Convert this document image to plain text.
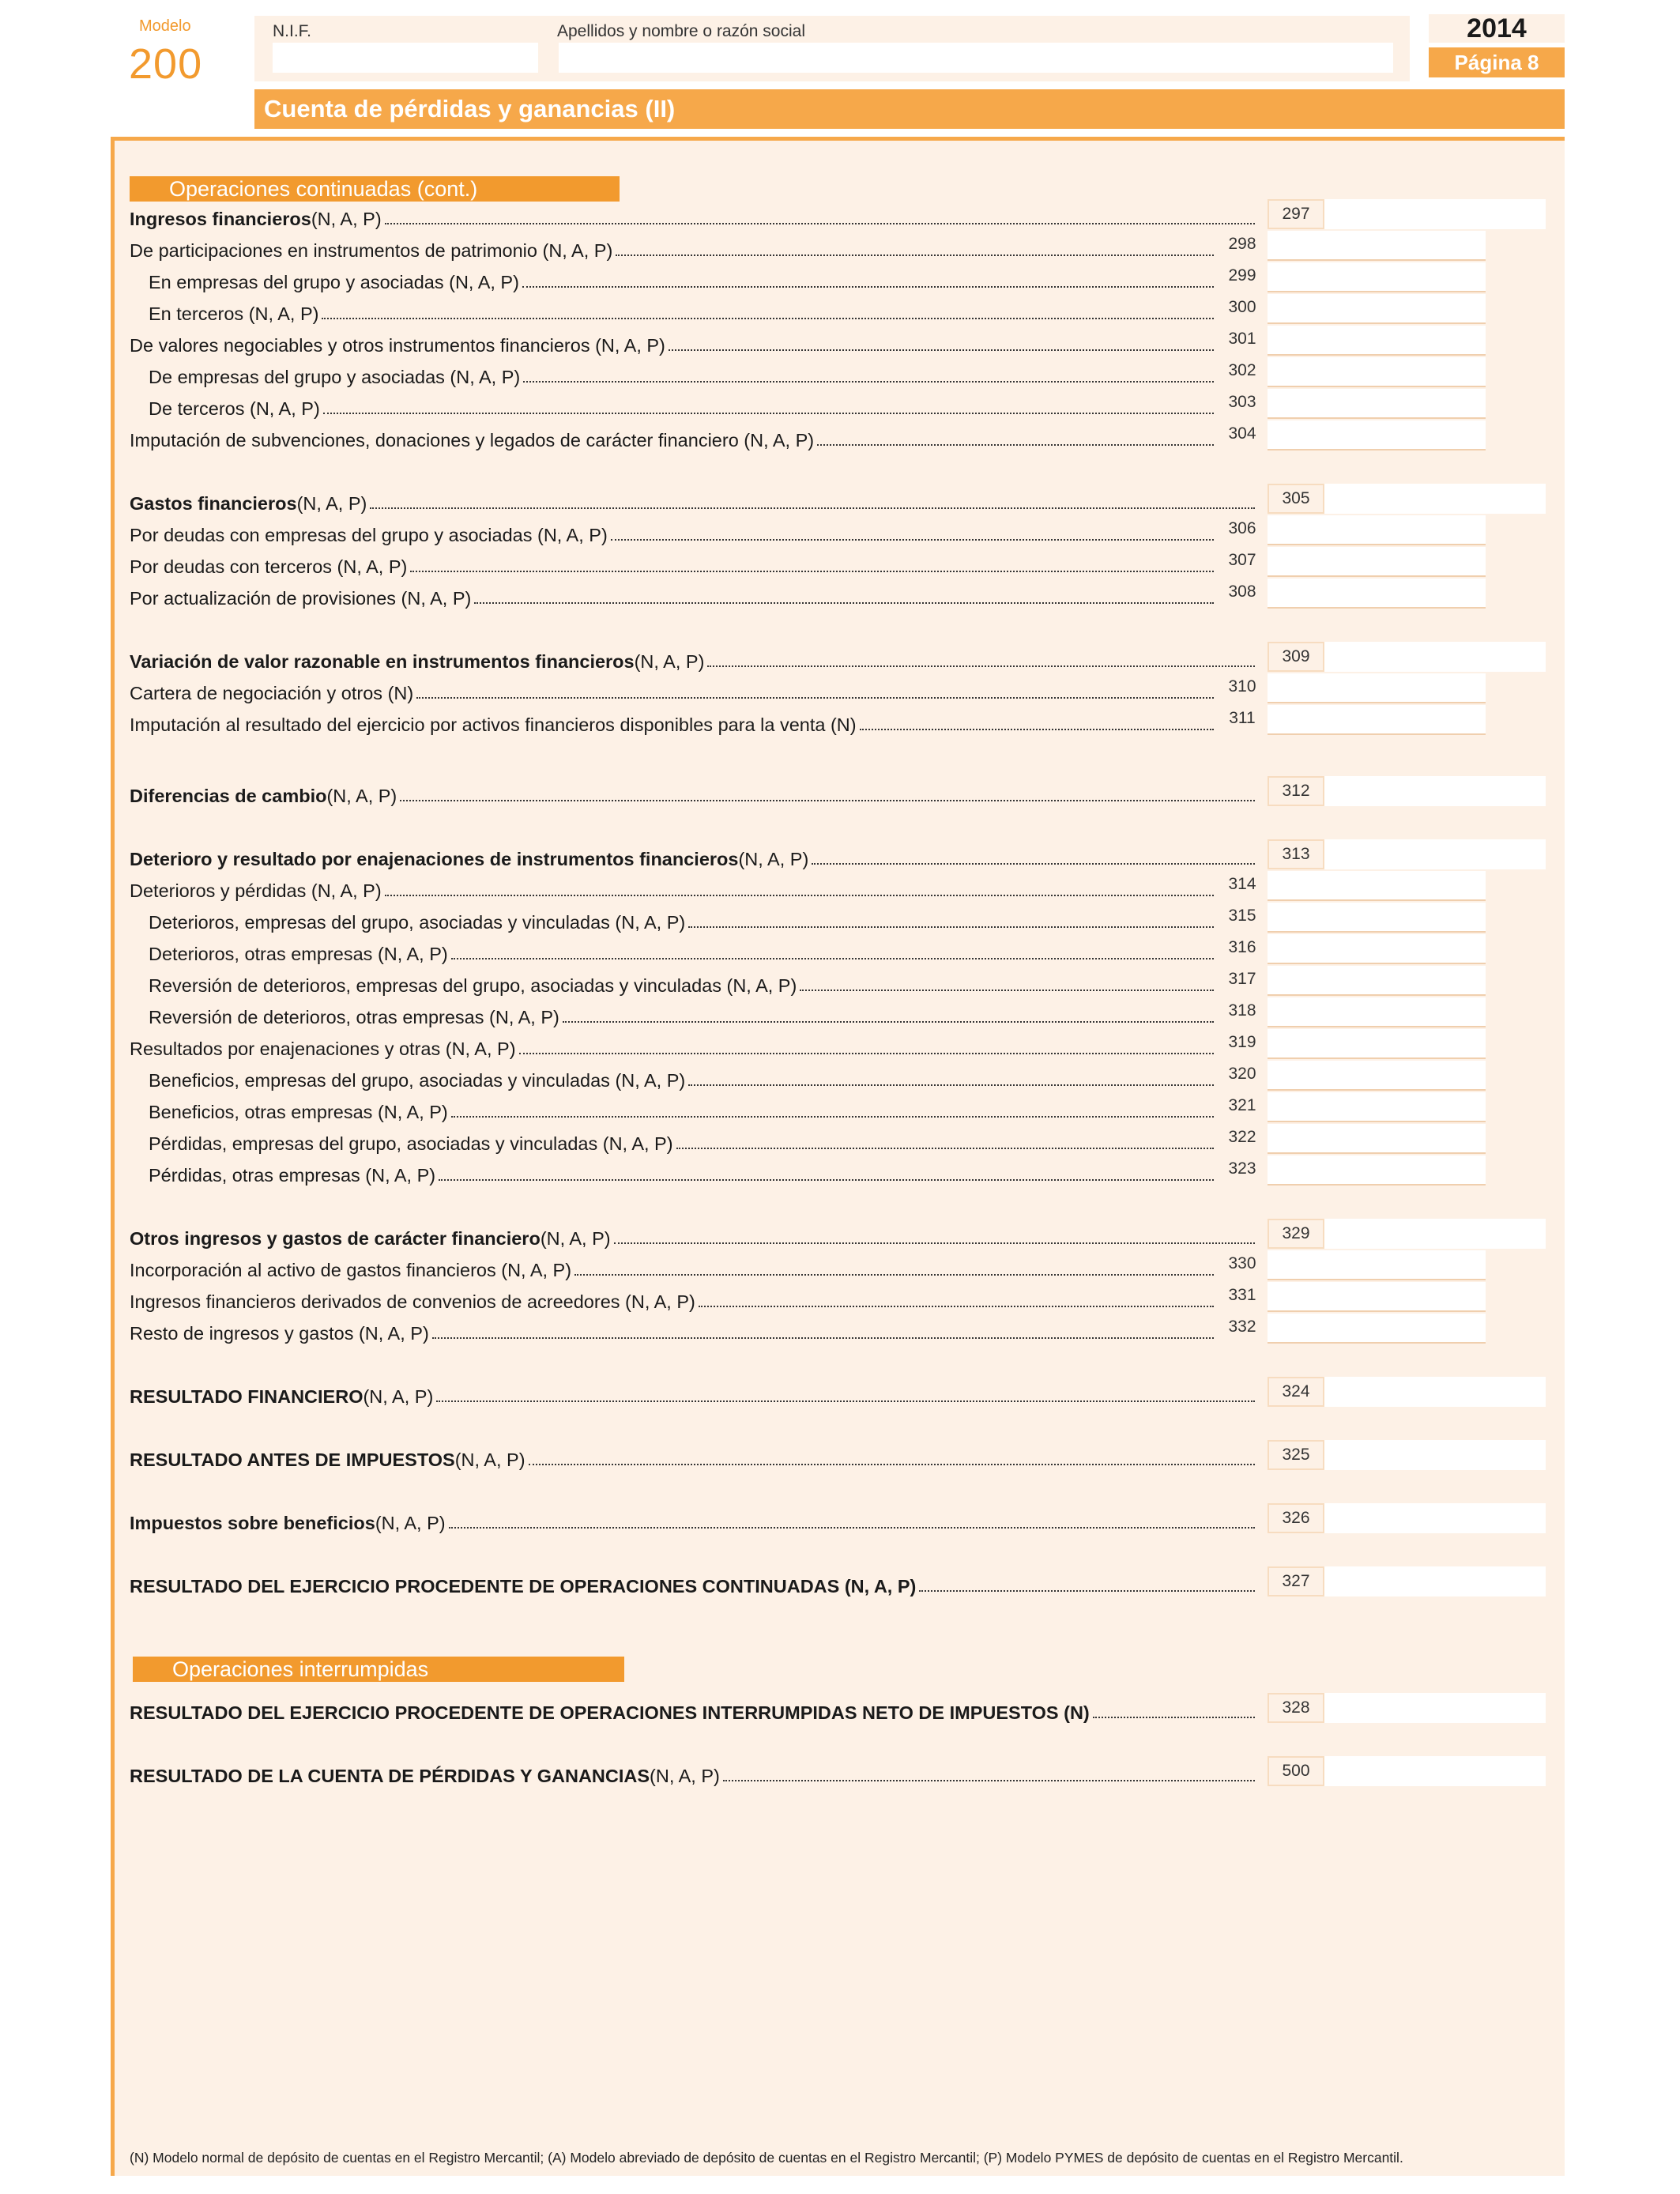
Modelo
200
N.I.F.	Apellidos y nombre o razón social	2014
Página 8
Cuenta de pérdidas y ganancias (II)
Operaciones continuadas (cont.)
Operaciones interrumpidas
Ingresos financieros (N, A, P)	297
De participaciones en instrumentos de patrimonio (N, A, P)	298
En empresas del grupo y asociadas (N, A, P)	299
En terceros (N, A, P)	300
De valores negociables y otros instrumentos financieros (N, A, P)	301
De empresas del grupo y asociadas (N, A, P)	302
De terceros (N, A, P)	303
Imputación de subvenciones, donaciones y legados de carácter financiero (N, A, P)	304
Gastos financieros (N, A, P)	305
Por deudas con empresas del grupo y asociadas (N, A, P)	306
Por deudas con terceros (N, A, P)	307
Por actualización de provisiones (N, A, P)	308
Variación de valor razonable en instrumentos financieros (N, A, P)	309
Cartera de negociación y otros (N)	310
Imputación al resultado del ejercicio por activos financieros disponibles para la venta (N)	311
Diferencias de cambio (N, A, P)	312
Deterioro y resultado por enajenaciones de instrumentos financieros (N, A, P)	313
Deterioros y pérdidas (N, A, P)	314
Deterioros, empresas del grupo, asociadas y vinculadas (N, A, P)	315
Deterioros, otras empresas (N, A, P)	316
Reversión de deterioros, empresas del grupo, asociadas y vinculadas (N, A, P)	317
Reversión de deterioros, otras empresas (N, A, P)	318
Resultados por enajenaciones y otras (N, A, P)	319
Beneficios, empresas del grupo, asociadas y vinculadas (N, A, P)	320
Beneficios, otras empresas (N, A, P)	321
Pérdidas, empresas del grupo, asociadas y vinculadas (N, A, P)	322
Pérdidas, otras empresas (N, A, P)	323
Otros ingresos y gastos de carácter financiero (N, A, P)	329
Incorporación al activo de gastos financieros (N, A, P)	330
Ingresos financieros derivados de convenios de acreedores (N, A, P)	331
Resto de ingresos y gastos (N, A, P)	332
RESULTADO FINANCIERO (N, A, P)	324
RESULTADO ANTES DE IMPUESTOS (N, A, P)	325
Impuestos sobre beneficios (N, A, P)	326
RESULTADO DEL EJERCICIO PROCEDENTE DE OPERACIONES CONTINUADAS (N, A, P)	327
RESULTADO DEL EJERCICIO PROCEDENTE DE OPERACIONES INTERRUMPIDAS NETO DE IMPUESTOS (N)	328
RESULTADO DE LA CUENTA DE PÉRDIDAS Y GANANCIAS (N, A, P)	500
(N) Modelo normal de depósito de cuentas en el Registro Mercantil; (A) Modelo abreviado de depósito de cuentas en el Registro Mercantil; (P) Modelo PYMES de depósito de cuentas en el Registro Mercantil.
